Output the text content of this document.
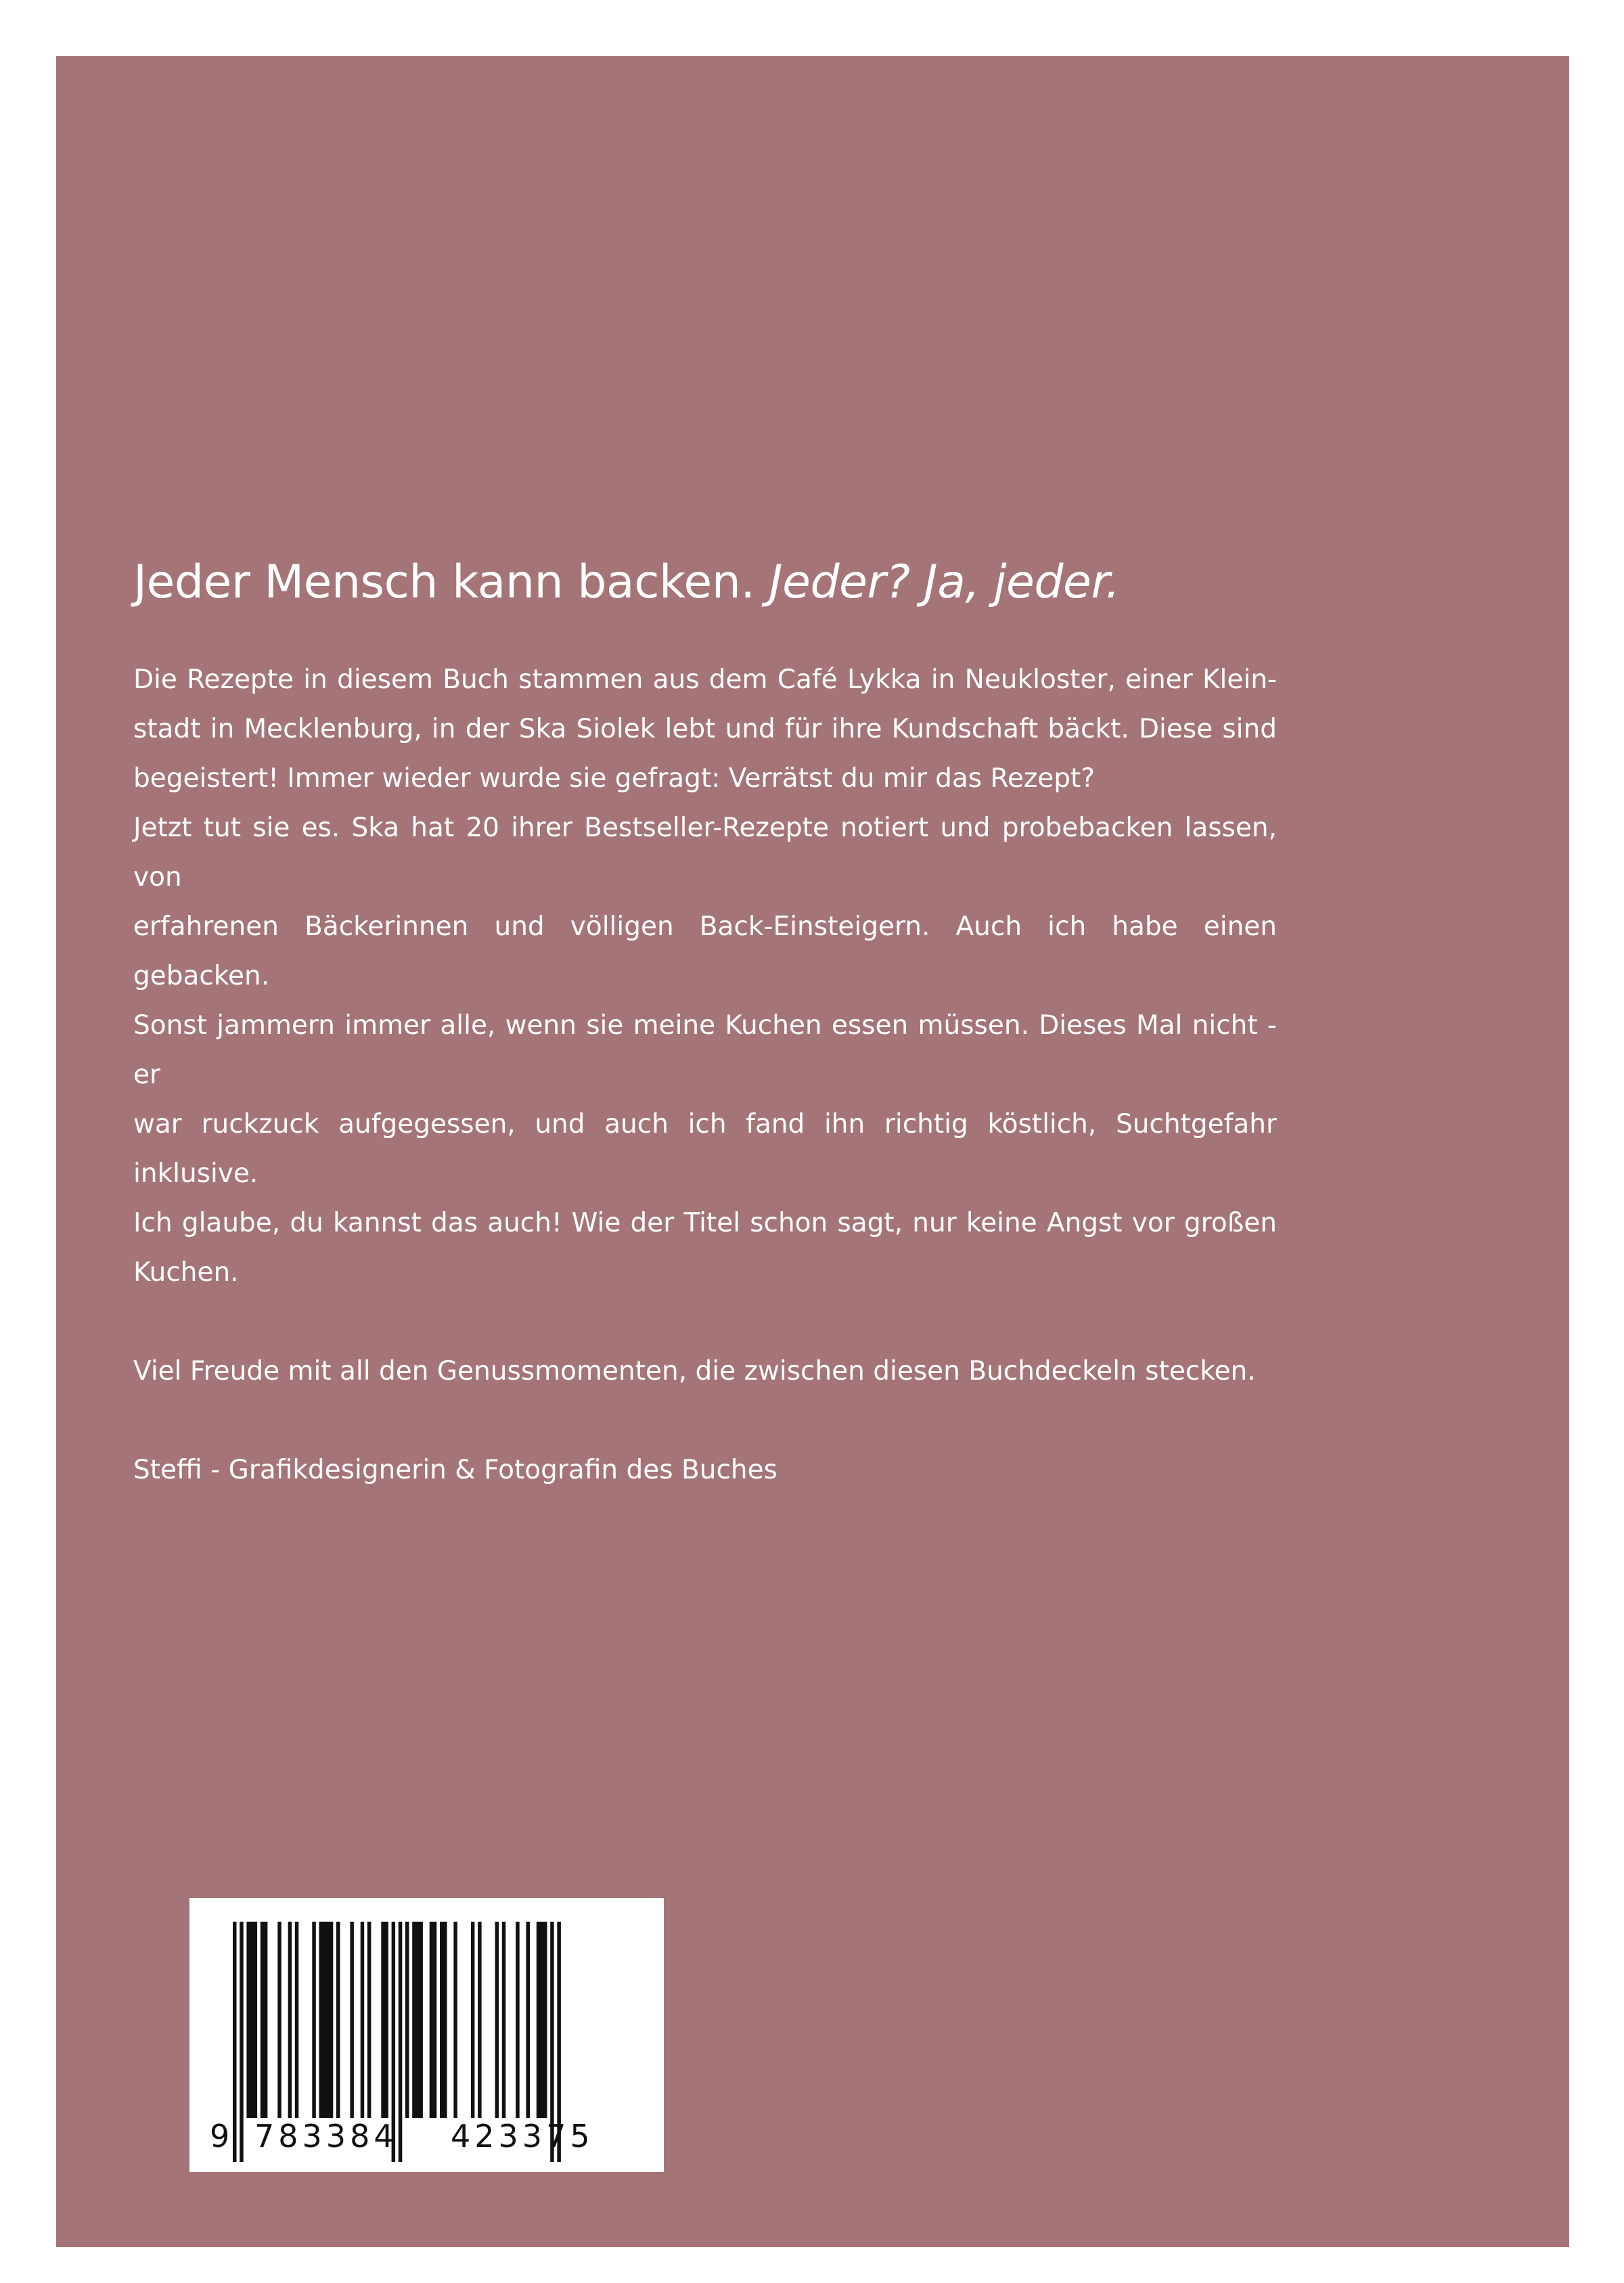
Jeder Mensch kann backen. Jeder? Ja, jeder.
Die Rezepte in diesem Buch stammen aus dem Café Lykka in Neukloster, einer Klein-
stadt in Mecklenburg, in der Ska Siolek lebt und für ihre Kundschaft bäckt. Diese sind
begeistert! Immer wieder wurde sie gefragt: Verrätst du mir das Rezept?
Jetzt tut sie es. Ska hat 20 ihrer Bestseller-Rezepte notiert und probebacken lassen, von
erfahrenen Bäckerinnen und völligen Back-Einsteigern. Auch ich habe einen gebacken.
Sonst jammern immer alle, wenn sie meine Kuchen essen müssen. Dieses Mal nicht - er
war ruckzuck aufgegessen, und auch ich fand ihn richtig köstlich, Suchtgefahr inklusive.
Ich glaube, du kannst das auch! Wie der Titel schon sagt, nur keine Angst vor großen
Kuchen.

Viel Freude mit all den Genussmomenten, die zwischen diesen Buchdeckeln stecken.

Steffi - Grafikdesignerin & Fotografin des Buches

9 783384 423375
